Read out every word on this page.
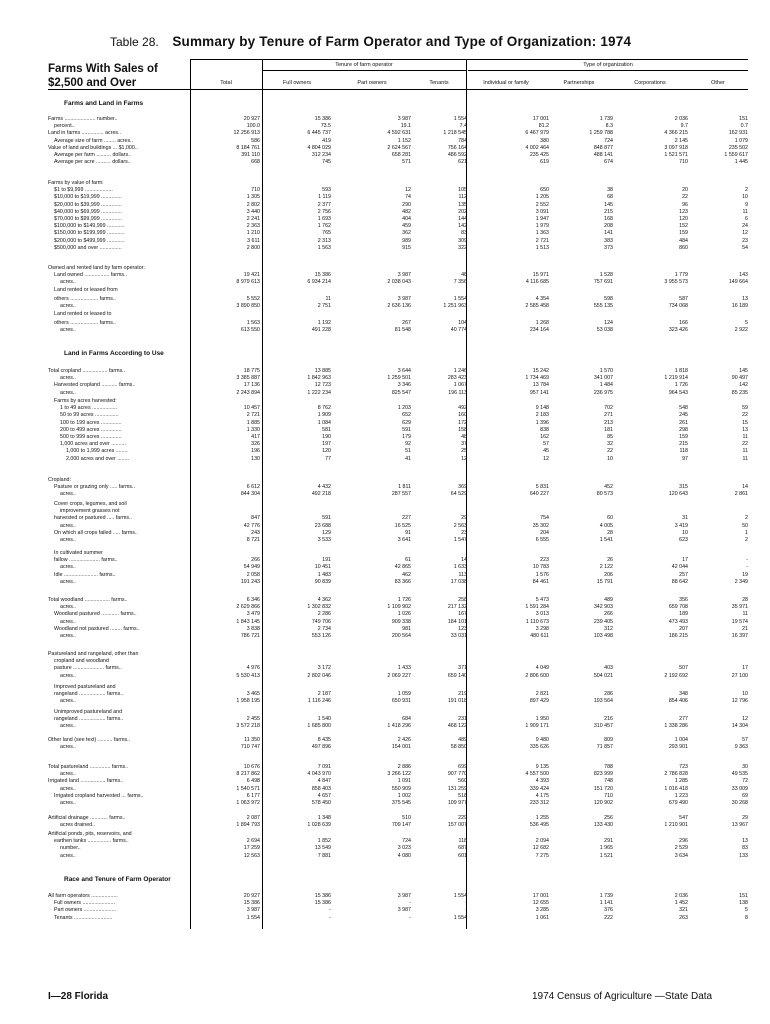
Table 28. Summary by Tenure of Farm Operator and Type of Organization: 1974
Farms With Sales of
$2,500 and Over
Tenure of farm operator	Type of organization
Total	Full owners	Part owners	Tenants	Individual or family	Partnerships	Corporations	Other
Farms and Land in Farms
Farms ..................... number..	20 927	15 386	3 987	1 554	17 001	1 739	2 036	151
percent..	100.0	73.5	19.1	7.4	81.2	8.3	9.7	0.7
Land in farms ............... acres..	12 256 913	6 445 737	4 592 631	1 218 545	6 467 979	1 259 788	4 366 215	162 931
Average size of farm ........ acres..	586	419	1 152	784	380	724	2 145	1 079
Value of land and buildings ... $1,000..	8 184 761	4 804 029	2 624 567	756 164	4 002 464	848 877	3 097 918	235 502
Average per farm .......... dollars..	391 110	312 234	658 281	486 592	235 425	488 141	1 521 571	1 559 617
Average per acre .......... dollars..	668	745	571	621	619	674	710	1 445
Farms by value of farm:
$1 to $9,999 ...................	710	593	12	105	650	38	20	2
$10,000 to $19,999 ..............	1 305	1 119	74	112	1 205	68	22	10
$20,000 to $39,999 ..............	2 802	2 377	290	135	2 552	145	96	9
$40,000 to $69,999 ..............	3 440	2 756	482	202	3 091	215	123	11
$70,000 to $99,999 ..............	2 241	1 693	404	144	1 947	168	120	6
$100,000 to $149,999 ............	2 363	1 762	459	142	1 979	208	152	24
$150,000 to $199,999 ............	1 210	765	362	83	1 363	141	159	12
$200,000 to $499,999 ............	3 611	2 313	989	309	2 721	383	484	23
$500,000 and over ...............	2 800	1 563	915	322	1 513	373	860	54
Owned and rented land by farm operator:
Land owned ................. farms..	19 421	15 386	3 987	48	15 971	1 528	1 779	143
acres..	8 979 613	6 934 214	2 038 043	7 356	4 116 685	757 691	3 955 573	149 664
Land rented or leased from
others ................... farms..	5 552	11	3 987	1 554	4 354	598	587	13
acres..	3 890 850	2 751	2 636 136	1 251 963	2 585 458	555 135	734 068	16 189
Land rented or leased to
others ................... farms..	1 563	1 192	267	104	1 268	124	166	5
acres..	613 550	491 228	81 548	40 774	234 164	53 038	323 426	2 922
Land in Farms According to Use
Total cropland ................. farms..	18 775	13 885	3 644	1 246	15 242	1 570	1 818	145
acres..	3 385 887	1 842 963	1 259 501	283 423	1 734 469	341 007	1 219 914	90 497
Harvested cropland ........... farms..	17 136	12 723	3 346	1 067	13 784	1 484	1 726	142
acres..	2 243 894	1 222 234	825 547	196 113	957 141	236 975	964 543	85 235
Farms by acres harvested:
1 to 49 acres .................	10 457	8 762	1 203	492	9 148	702	548	59
50 to 99 acres ................	2 721	1 909	652	160	2 183	271	245	22
100 to 199 acres ..............	1 885	1 084	629	172	1 396	213	261	15
200 to 499 acres ..............	1 330	581	591	158	838	181	298	13
500 to 999 acres ..............	417	190	179	48	162	85	159	11
1,000 acres and over ..........	326	197	92	37	57	32	215	22
1,000 to 1,999 acres ........	196	120	51	25	45	22	118	11
2,000 acres and over ........	130	77	41	12	12	10	97	11
Cropland:
Pasture or grazing only ..... farms..	6 612	4 432	1 811	369	5 831	452	315	14
acres..	844 304	492 218	287 557	64 529	640 227	80 573	120 643	2 861
Cover crops, legumes, and soil
improvement grasses not
harvested or pastured ..... farms..	847	591	227	29	754	60	31	2
acres..	42 776	23 688	16 525	2 563	35 302	4 005	3 419	50
On which all crops failed ..... farms..	243	129	91	23	204	28	10	1
acres..	8 721	3 533	3 641	1 547	6 555	1 541	623	2
In cultivated summer
fallow ..................... farms..	266	191	61	14	223	26	17	-
acres..	54 949	10 451	42 865	1 633	10 783	2 122	42 044	-
Idle ....................... farms..	2 058	1 483	462	113	1 576	206	257	19
acres..	191 243	90 839	83 366	17 038	84 461	15 791	88 642	2 349
Total woodland ................. farms..	6 346	4 362	1 726	258	5 473	489	356	28
acres..	2 629 866	1 302 832	1 109 902	217 132	1 591 284	342 903	659 708	35 971
Woodland pastured ............ farms..	3 479	2 286	1 026	167	3 013	266	189	11
acres..	1 843 145	749 706	909 338	184 101	1 110 673	239 405	473 493	19 574
Woodland not pastured ........ farms..	3 838	2 734	981	123	3 298	312	207	21
acres..	786 721	553 126	200 564	33 031	480 611	103 498	186 215	16 397
Pastureland and rangeland, other than
cropland and woodland
pasture ..................... farms..	4 976	3 172	1 433	371	4 049	403	507	17
acres..	5 530 413	2 802 046	2 069 227	659 140	2 806 600	504 021	2 192 692	27 100
Improved pastureland and
rangeland .................. farms..	3 465	2 187	1 059	219	2 821	286	348	10
acres..	1 958 195	1 116 246	650 931	191 018	897 429	193 564	854 406	12 796
Unimproved pastureland and
rangeland .................. farms..	2 455	1 540	684	231	1 950	216	277	12
acres..	3 572 218	1 685 800	1 418 296	468 122	1 909 171	310 457	1 338 286	14 304
Other land (see text) .......... farms..	11 350	8 435	2 426	489	9 480	809	1 004	57
acres..	710 747	497 896	154 001	58 850	335 626	71 857	293 901	9 363
Total pastureland .............. farms..	10 676	7 091	2 886	699	9 135	788	723	30
acres..	8 217 862	4 043 970	3 266 122	907 770	4 557 500	823 999	2 786 828	49 535
Irrigated land ................. farms..	6 498	4 847	1 091	560	4 393	748	1 285	72
acres..	1 540 571	858 403	550 909	131 259	339 424	151 720	1 016 418	33 009
Irrigated cropland harvested ... farms..	6 177	4 657	1 002	518	4 175	710	1 223	69
acres..	1 063 972	578 450	375 545	109 977	233 312	120 902	679 490	30 268
Artificial drainage ............ farms..	2 087	1 348	510	229	1 255	256	547	29
acres drained..	1 894 793	1 028 639	709 147	157 007	536 495	133 430	1 210 901	13 967
Artificial ponds, pits, reservoirs, and
earthen tanks ................ farms..	2 694	1 852	724	118	2 094	291	296	13
number..	17 259	13 549	3 023	687	12 682	1 965	2 529	83
acres..	12 563	7 881	4 080	601	7 275	1 521	3 634	133
Race and Tenure of Farm Operator
All farm operators ..................	20 927	15 386	3 987	1 554	17 001	1 739	2 036	151
Full owners ......................	15 386	15 386	-	-	12 655	1 141	1 452	138
Part owners ......................	3 987	-	3 987	-	3 285	376	321	5
Tenants ..........................	1 554	-	-	1 554	1 061	222	263	8
I—28 Florida	1974 Census of Agriculture —State Data
